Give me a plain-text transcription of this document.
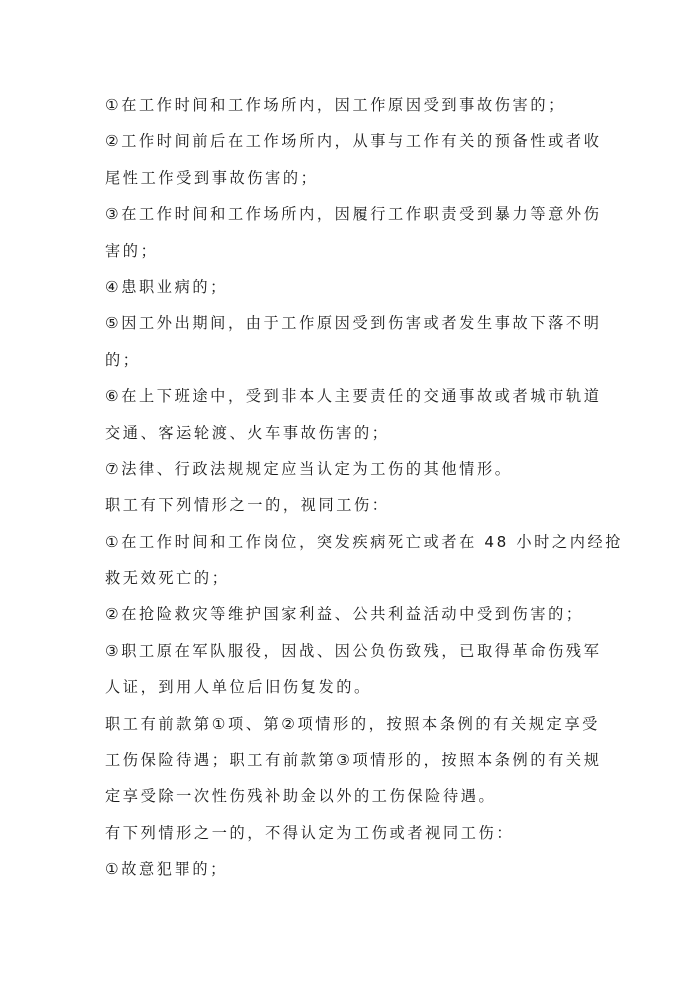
①在工作时间和工作场所内，因工作原因受到事故伤害的；
②工作时间前后在工作场所内，从事与工作有关的预备性或者收
尾性工作受到事故伤害的；
③在工作时间和工作场所内，因履行工作职责受到暴力等意外伤
害的；
④患职业病的；
⑤因工外出期间，由于工作原因受到伤害或者发生事故下落不明
的；
⑥在上下班途中，受到非本人主要责任的交通事故或者城市轨道
交通、客运轮渡、火车事故伤害的；
⑦法律、行政法规规定应当认定为工伤的其他情形。
职工有下列情形之一的，视同工伤：
①在工作时间和工作岗位，突发疾病死亡或者在 48 小时之内经抢
救无效死亡的；
②在抢险救灾等维护国家利益、公共利益活动中受到伤害的；
③职工原在军队服役，因战、因公负伤致残，已取得革命伤残军
人证，到用人单位后旧伤复发的。
职工有前款第①项、第②项情形的，按照本条例的有关规定享受
工伤保险待遇；职工有前款第③项情形的，按照本条例的有关规
定享受除一次性伤残补助金以外的工伤保险待遇。
有下列情形之一的，不得认定为工伤或者视同工伤：
①故意犯罪的；
